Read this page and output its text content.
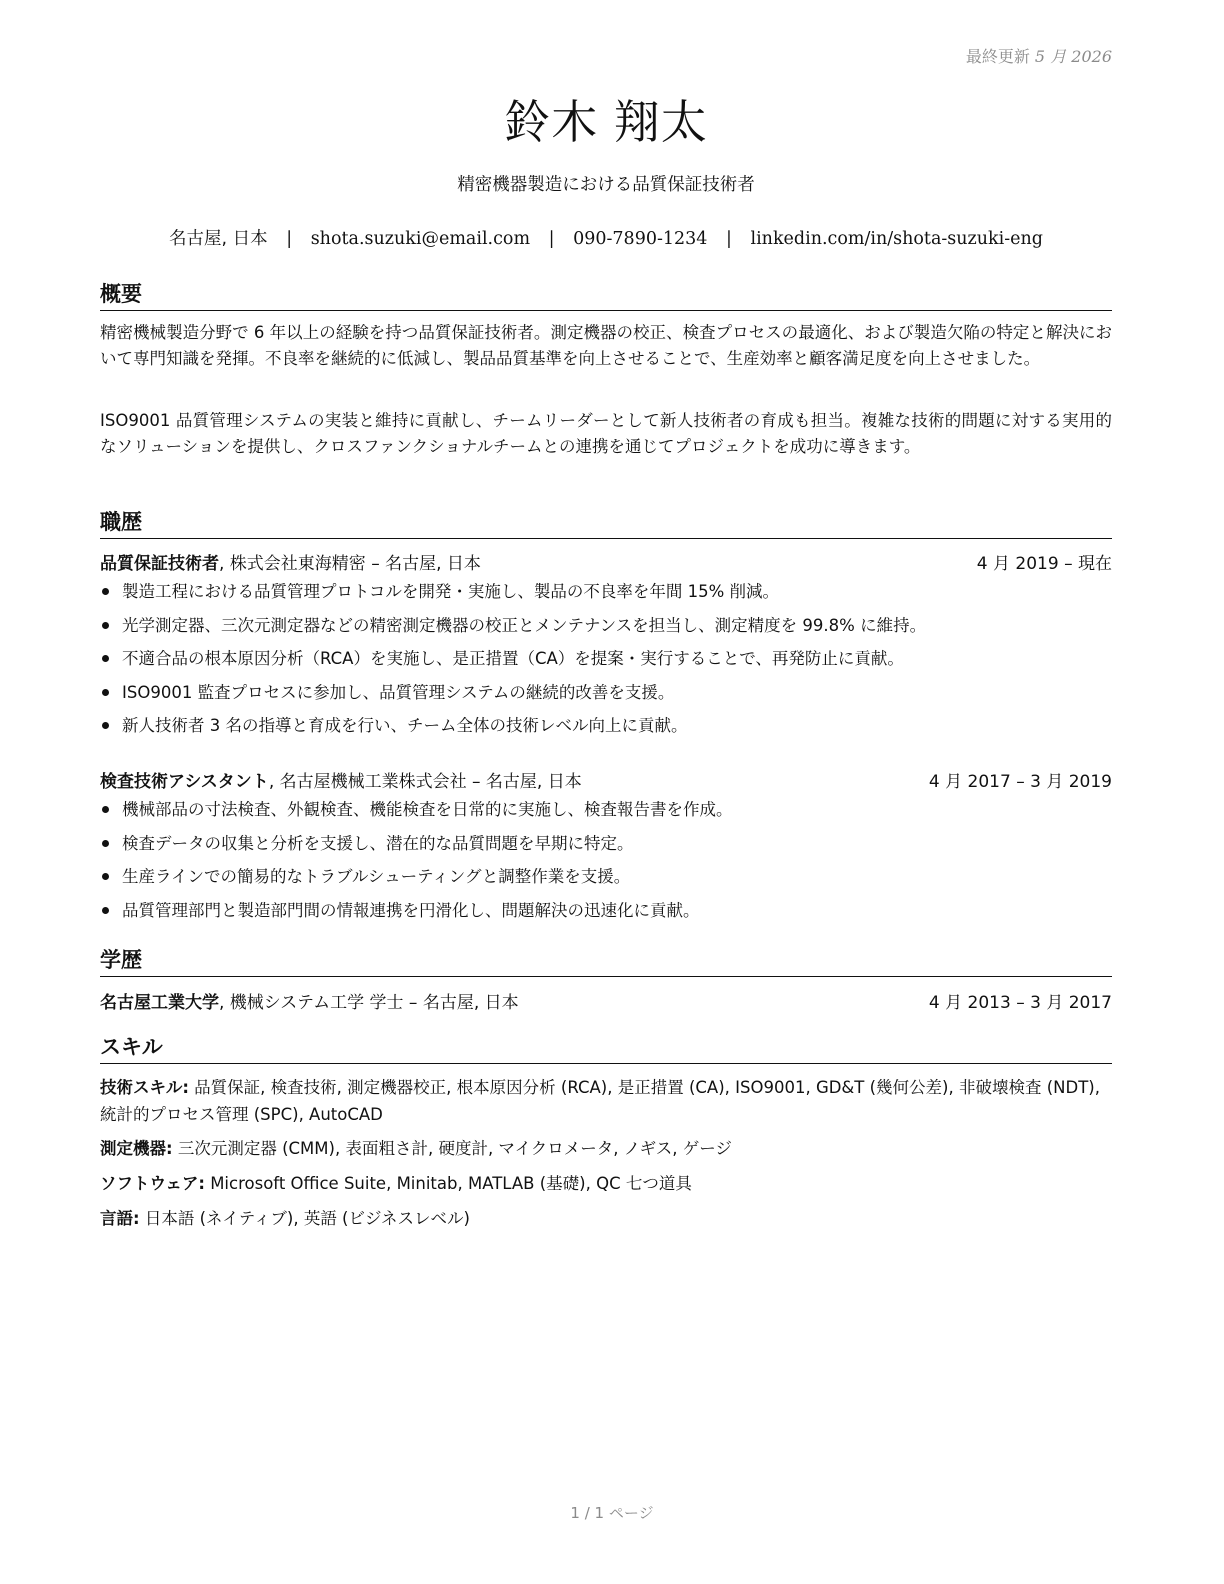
最終更新 5 月 2026
鈴木 翔太
精密機器製造における品質保証技術者
名古屋, 日本 | shota.suzuki@email.com | 090-7890-1234 | linkedin.com/in/shota-suzuki-eng
概要
精密機械製造分野で 6 年以上の経験を持つ品質保証技術者。測定機器の校正、検査プロセスの最適化、および製造欠陥の特定と解決において専門知識を発揮。不良率を継続的に低減し、製品品質基準を向上させることで、生産効率と顧客満足度を向上させました。
ISO9001 品質管理システムの実装と維持に貢献し、チームリーダーとして新人技術者の育成も担当。複雑な技術的問題に対する実用的なソリューションを提供し、クロスファンクショナルチームとの連携を通じてプロジェクトを成功に導きます。
職歴
品質保証技術者, 株式会社東海精密 – 名古屋, 日本	4 月 2019 – 現在
製造工程における品質管理プロトコルを開発・実施し、製品の不良率を年間 15% 削減。
光学測定器、三次元測定器などの精密測定機器の校正とメンテナンスを担当し、測定精度を 99.8% に維持。
不適合品の根本原因分析（RCA）を実施し、是正措置（CA）を提案・実行することで、再発防止に貢献。
ISO9001 監査プロセスに参加し、品質管理システムの継続的改善を支援。
新人技術者 3 名の指導と育成を行い、チーム全体の技術レベル向上に貢献。
検査技術アシスタント, 名古屋機械工業株式会社 – 名古屋, 日本	4 月 2017 – 3 月 2019
機械部品の寸法検査、外観検査、機能検査を日常的に実施し、検査報告書を作成。
検査データの収集と分析を支援し、潜在的な品質問題を早期に特定。
生産ラインでの簡易的なトラブルシューティングと調整作業を支援。
品質管理部門と製造部門間の情報連携を円滑化し、問題解決の迅速化に貢献。
学歴
名古屋工業大学, 機械システム工学 学士 – 名古屋, 日本	4 月 2013 – 3 月 2017
スキル
技術スキル: 品質保証, 検査技術, 測定機器校正, 根本原因分析 (RCA), 是正措置 (CA), ISO9001, GD&T (幾何公差), 非破壊検査 (NDT), 統計的プロセス管理 (SPC), AutoCAD
測定機器: 三次元測定器 (CMM), 表面粗さ計, 硬度計, マイクロメータ, ノギス, ゲージ
ソフトウェア: Microsoft Office Suite, Minitab, MATLAB (基礎), QC 七つ道具
言語: 日本語 (ネイティブ), 英語 (ビジネスレベル)
1 / 1 ページ
